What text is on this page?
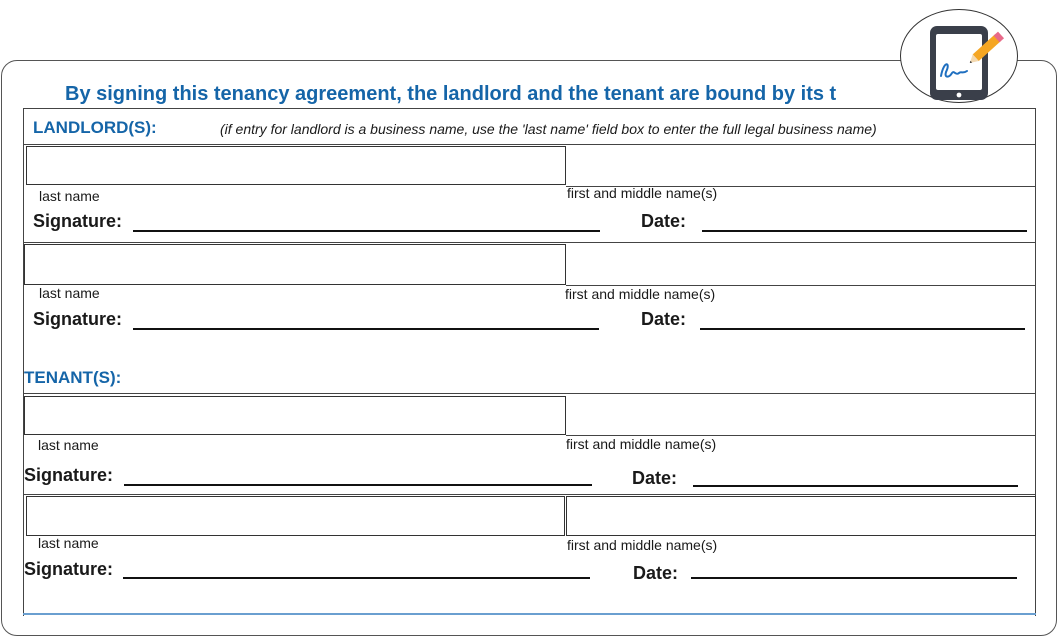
By signing this tenancy agreement, the landlord and the tenant are bound by its t
LANDLORD(S):	(if entry for landlord is a business name, use the 'last name' field box to enter the full legal business name)
last name	first and middle name(s)
Signature:	Date:
last name	first and middle name(s)
Signature:	Date:
TENANT(S):
last name	first and middle name(s)
Signature:	Date:
last name	first and middle name(s)
Signature:	Date:
